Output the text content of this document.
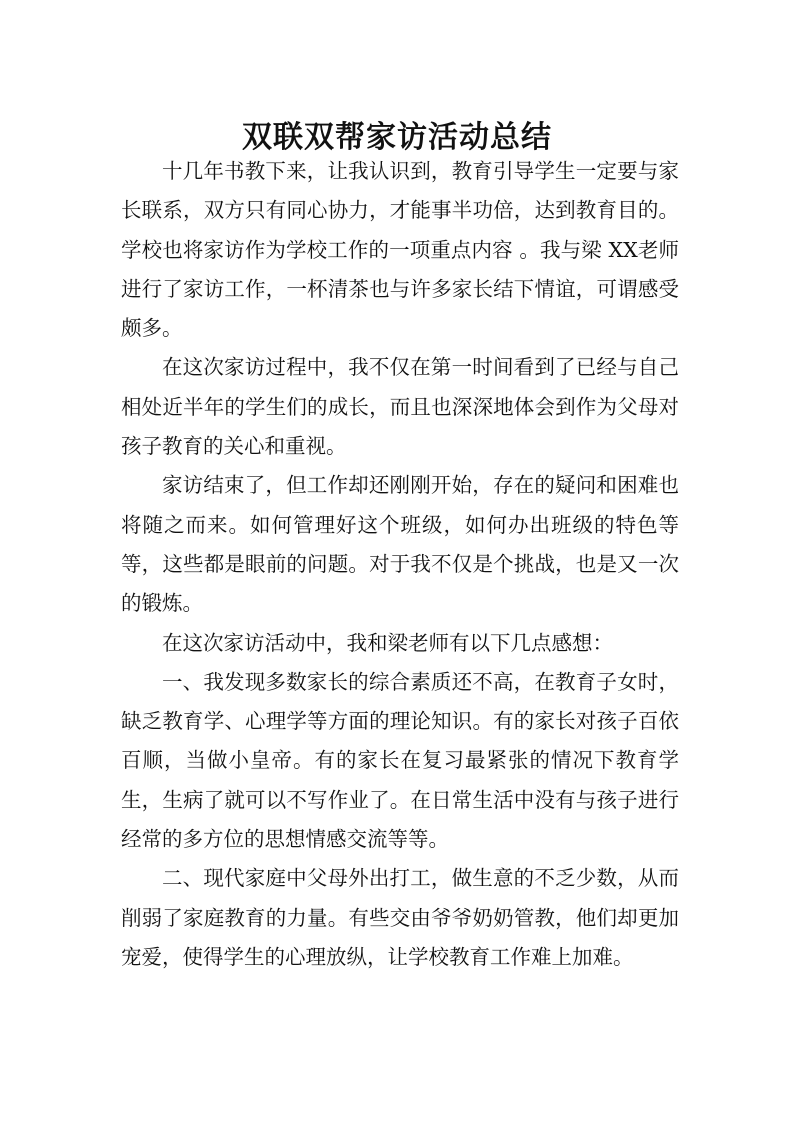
双联双帮家访活动总结

十几年书教下来，让我认识到，教育引导学生一定要与家长联系，双方只有同心协力，才能事半功倍，达到教育目的。学校也将家访作为学校工作的一项重点内容 。我与梁 XX老师进行了家访工作，一杯清茶也与许多家长结下情谊，可谓感受颇多。

在这次家访过程中，我不仅在第一时间看到了已经与自己相处近半年的学生们的成长，而且也深深地体会到作为父母对孩子教育的关心和重视。

家访结束了，但工作却还刚刚开始，存在的疑问和困难也将随之而来。如何管理好这个班级，如何办出班级的特色等等，这些都是眼前的问题。对于我不仅是个挑战，也是又一次的锻炼。

在这次家访活动中，我和梁老师有以下几点感想：

一、我发现多数家长的综合素质还不高，在教育子女时，缺乏教育学、心理学等方面的理论知识。有的家长对孩子百依百顺，当做小皇帝。有的家长在复习最紧张的情况下教育学生，生病了就可以不写作业了。在日常生活中没有与孩子进行经常的多方位的思想情感交流等等。

二、现代家庭中父母外出打工，做生意的不乏少数，从而削弱了家庭教育的力量。有些交由爷爷奶奶管教，他们却更加宠爱，使得学生的心理放纵，让学校教育工作难上加难。
